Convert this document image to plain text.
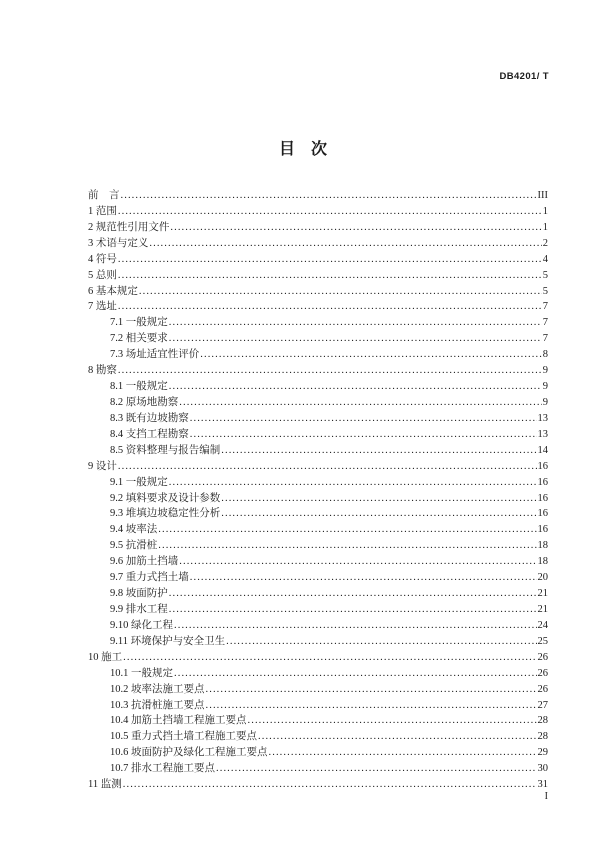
DB4201/ T
目　次
前　言 .....	III
1 范围 .....	1
2 规范性引用文件 .....	1
3 术语与定义 .....	2
4 符号 .....	4
5 总则 .....	5
6 基本规定 .....	5
7 选址 .....	7
7.1 一般规定 .....	7
7.2 相关要求 .....	7
7.3 场址适宜性评价 .....	8
8 勘察 .....	9
8.1 一般规定 .....	9
8.2 原场地勘察 .....	9
8.3 既有边坡勘察 .....	13
8.4 支挡工程勘察 .....	13
8.5 资料整理与报告编制 .....	14
9 设计 .....	16
9.1 一般规定 .....	16
9.2 填料要求及设计参数 .....	16
9.3 堆填边坡稳定性分析 .....	16
9.4 坡率法 .....	16
9.5 抗滑桩 .....	18
9.6 加筋土挡墙 .....	18
9.7 重力式挡土墙 .....	20
9.8 坡面防护 .....	21
9.9 排水工程 .....	21
9.10 绿化工程 .....	24
9.11 环境保护与安全卫生 .....	25
10 施工 .....	26
10.1 一般规定 .....	26
10.2 坡率法施工要点 .....	26
10.3 抗滑桩施工要点 .....	27
10.4 加筋土挡墙工程施工要点 .....	28
10.5 重力式挡土墙工程施工要点 .....	28
10.6 坡面防护及绿化工程施工要点 .....	29
10.7 排水工程施工要点 .....	30
11 监测 .....	31
I
